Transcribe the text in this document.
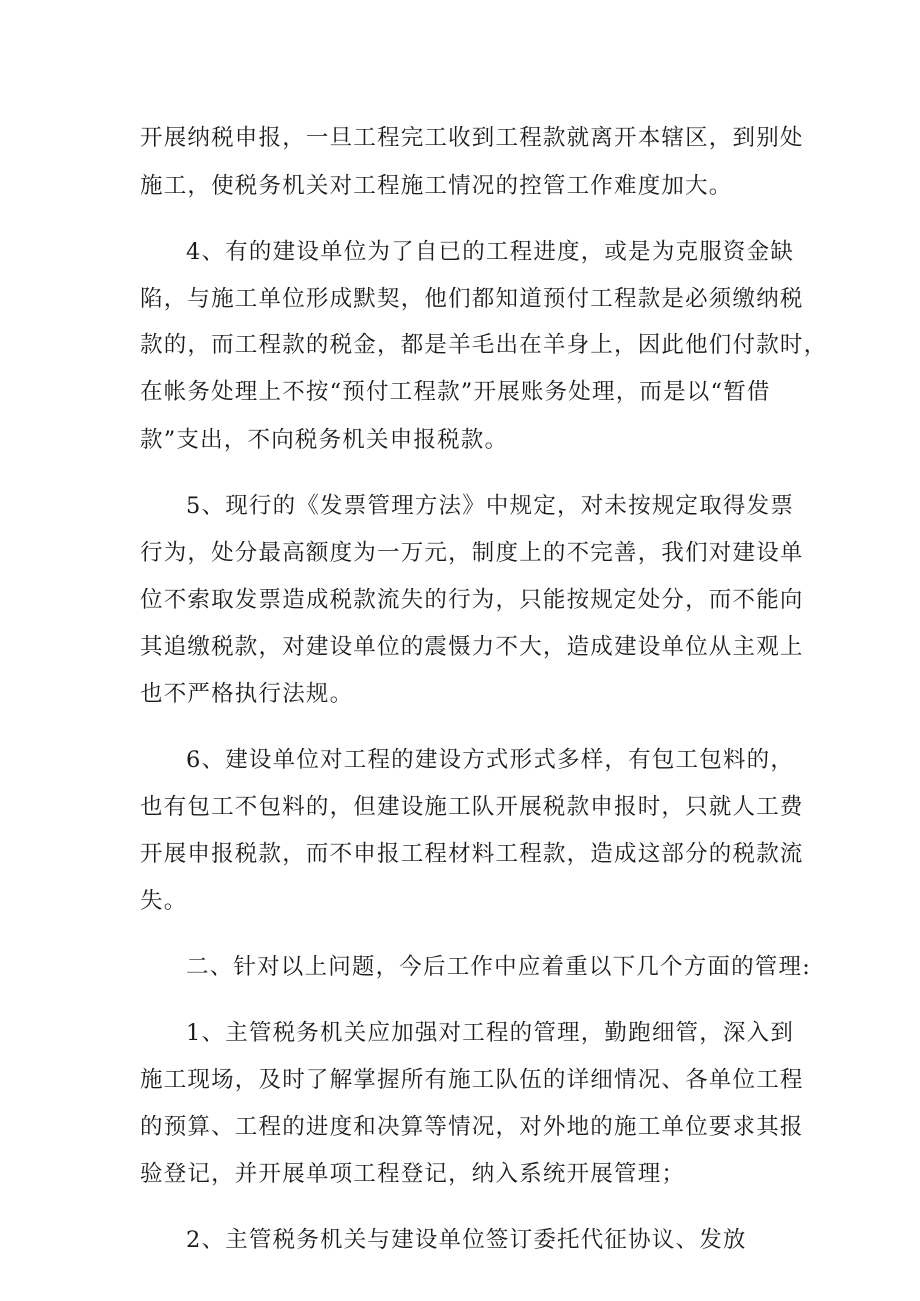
开展纳税申报，一旦工程完工收到工程款就离开本辖区，到别处
施工，使税务机关对工程施工情况的控管工作难度加大。
4、有的建设单位为了自已的工程进度，或是为克服资金缺
陷，与施工单位形成默契，他们都知道预付工程款是必须缴纳税
款的，而工程款的税金，都是羊毛出在羊身上，因此他们付款时，
在帐务处理上不按“预付工程款”开展账务处理，而是以“暂借
款”支出，不向税务机关申报税款。
5、现行的《发票管理方法》中规定，对未按规定取得发票
行为，处分最高额度为一万元，制度上的不完善，我们对建设单
位不索取发票造成税款流失的行为，只能按规定处分，而不能向
其追缴税款，对建设单位的震慑力不大，造成建设单位从主观上
也不严格执行法规。
6、建设单位对工程的建设方式形式多样，有包工包料的，
也有包工不包料的，但建设施工队开展税款申报时，只就人工费
开展申报税款，而不申报工程材料工程款，造成这部分的税款流
失。
二、针对以上问题，今后工作中应着重以下几个方面的管理:
1、主管税务机关应加强对工程的管理，勤跑细管，深入到
施工现场，及时了解掌握所有施工队伍的详细情况、各单位工程
的预算、工程的进度和决算等情况，对外地的施工单位要求其报
验登记，并开展单项工程登记，纳入系统开展管理；
2、主管税务机关与建设单位签订委托代征协议、发放
